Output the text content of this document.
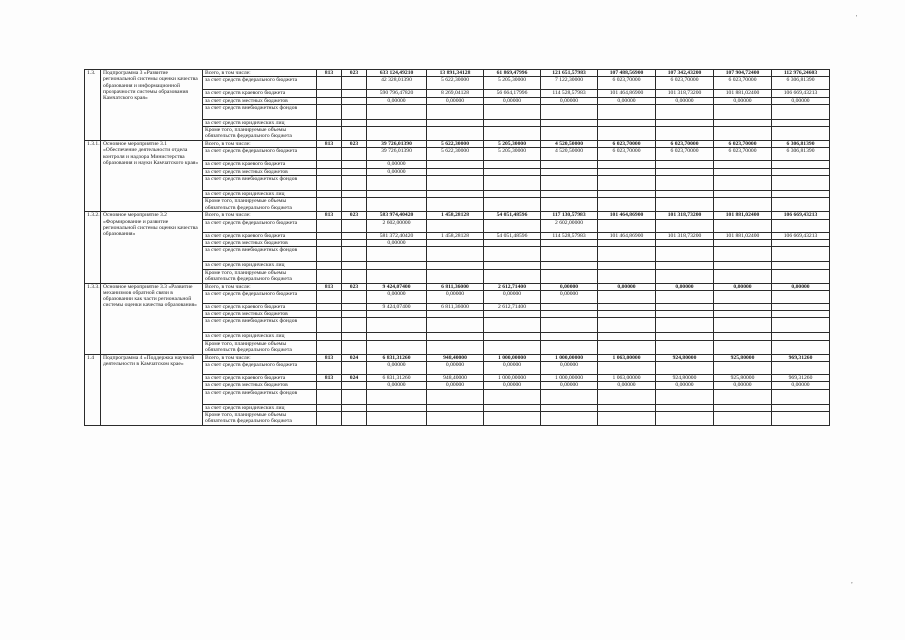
1.3.	Подпрограмма 3 «Развитие региональной системы оценки качества образования и информационной прозрачности системы образования Камчатского края»	Всего, в том числе:	813	023	633 124,49210	13 891,34128	61 869,47996	121 651,57983	107 488,56900	107 342,43200	107 904,72400	112 976,24603
		за счет средств федерального бюджета			42 328,01390	5 622,30000	5 205,30000	7 122,30000	6 023,70000	6 023,70000	6 023,70000	6 306,81390
		за счет средств краевого бюджета			590 796,47820	8 269,04128	56 664,17996	114 528,57983	101 464,86900	101 318,73200	101 881,02400	106 669,43213
		за счет средств местных бюджетов			0,00000	0,00000	0,00000	0,00000	0,00000	0,00000	0,00000	0,00000
		за счет средств внебюджетных фондов										
		за счет средств юридических лиц										
		Кроме того, планируемые объемы обязательств федерального бюджета										
1.3.1.	Основное мероприятие 3.1 «Обеспечение деятельности отдела контроля и надзора Министерства образования и науки Камчатского края»	Всего, в том числе:	813	023	39 726,01390	5 622,30000	5 205,30000	4 520,50000	6 023,70000	6 023,70000	6 023,70000	6 306,81390
		за счет средств федерального бюджета			39 726,01390	5 622,30000	5 205,30000	4 520,50000	6 023,70000	6 023,70000	6 023,70000	6 306,81390
		за счет средств краевого бюджета			0,00000							
		за счет средств местных бюджетов			0,00000							
		за счет средств внебюджетных фондов										
		за счет средств юридических лиц										
		Кроме того, планируемые объемы обязательств федерального бюджета										
1.3.2.	Основное мероприятие 3.2 «Формирование и развитие региональной системы оценки качества образования»	Всего, в том числе:	813	023	583 974,40420	1 458,28128	54 051,48596	117 130,57983	101 464,86900	101 318,73200	101 881,02400	106 669,43213
		за счет средств федерального бюджета			2 602,00000			2 602,00000				
		за счет средств краевого бюджета			581 372,40420	1 458,28128	54 051,48596	114 528,57983	101 464,86900	101 318,73200	101 881,02400	106 669,43213
		за счет средств местных бюджетов			0,00000							
		за счет средств внебюджетных фондов										
		за счет средств юридических лиц										
		Кроме того, планируемые объемы обязательств федерального бюджета										
1.3.3.	Основное мероприятие 3.3 «Развитие механизмов обратной связи в образовании как части региональной системы оценки качества образования»	Всего, в том числе:	813	023	9 424,07400	6 811,36000	2 612,71400	0,00000	0,00000	0,00000	0,00000	0,00000
		за счет средств федерального бюджета			0,00000	0,00000	0,00000	0,00000				
		за счет средств краевого бюджета			9 424,07400	6 811,36000	2 612,71400					
		за счет средств местных бюджетов										
		за счет средств внебюджетных фондов										
		за счет средств юридических лиц										
		Кроме того, планируемые объемы обязательств федерального бюджета										
1.4	Подпрограмма 4 «Поддержка научной деятельности в Камчатском крае»	Всего, в том числе:	813	024	6 831,31260	948,40000	1 000,00000	1 000,00000	1 063,00000	924,80000	925,80000	969,31260
		за счет средств федерального бюджета			0,00000	0,00000	0,00000	0,00000				
		за счет средств краевого бюджета	813	024	6 831,31260	948,40000	1 000,00000	1 000,00000	1 063,00000	924,80000	925,80000	969,31260
		за счет средств местных бюджетов			0,00000	0,00000	0,00000	0,00000	0,00000	0,00000	0,00000	0,00000
		за счет средств внебюджетных фондов										
		за счет средств юридических лиц										
		Кроме того, планируемые объемы обязательств федерального бюджета										
'
,
